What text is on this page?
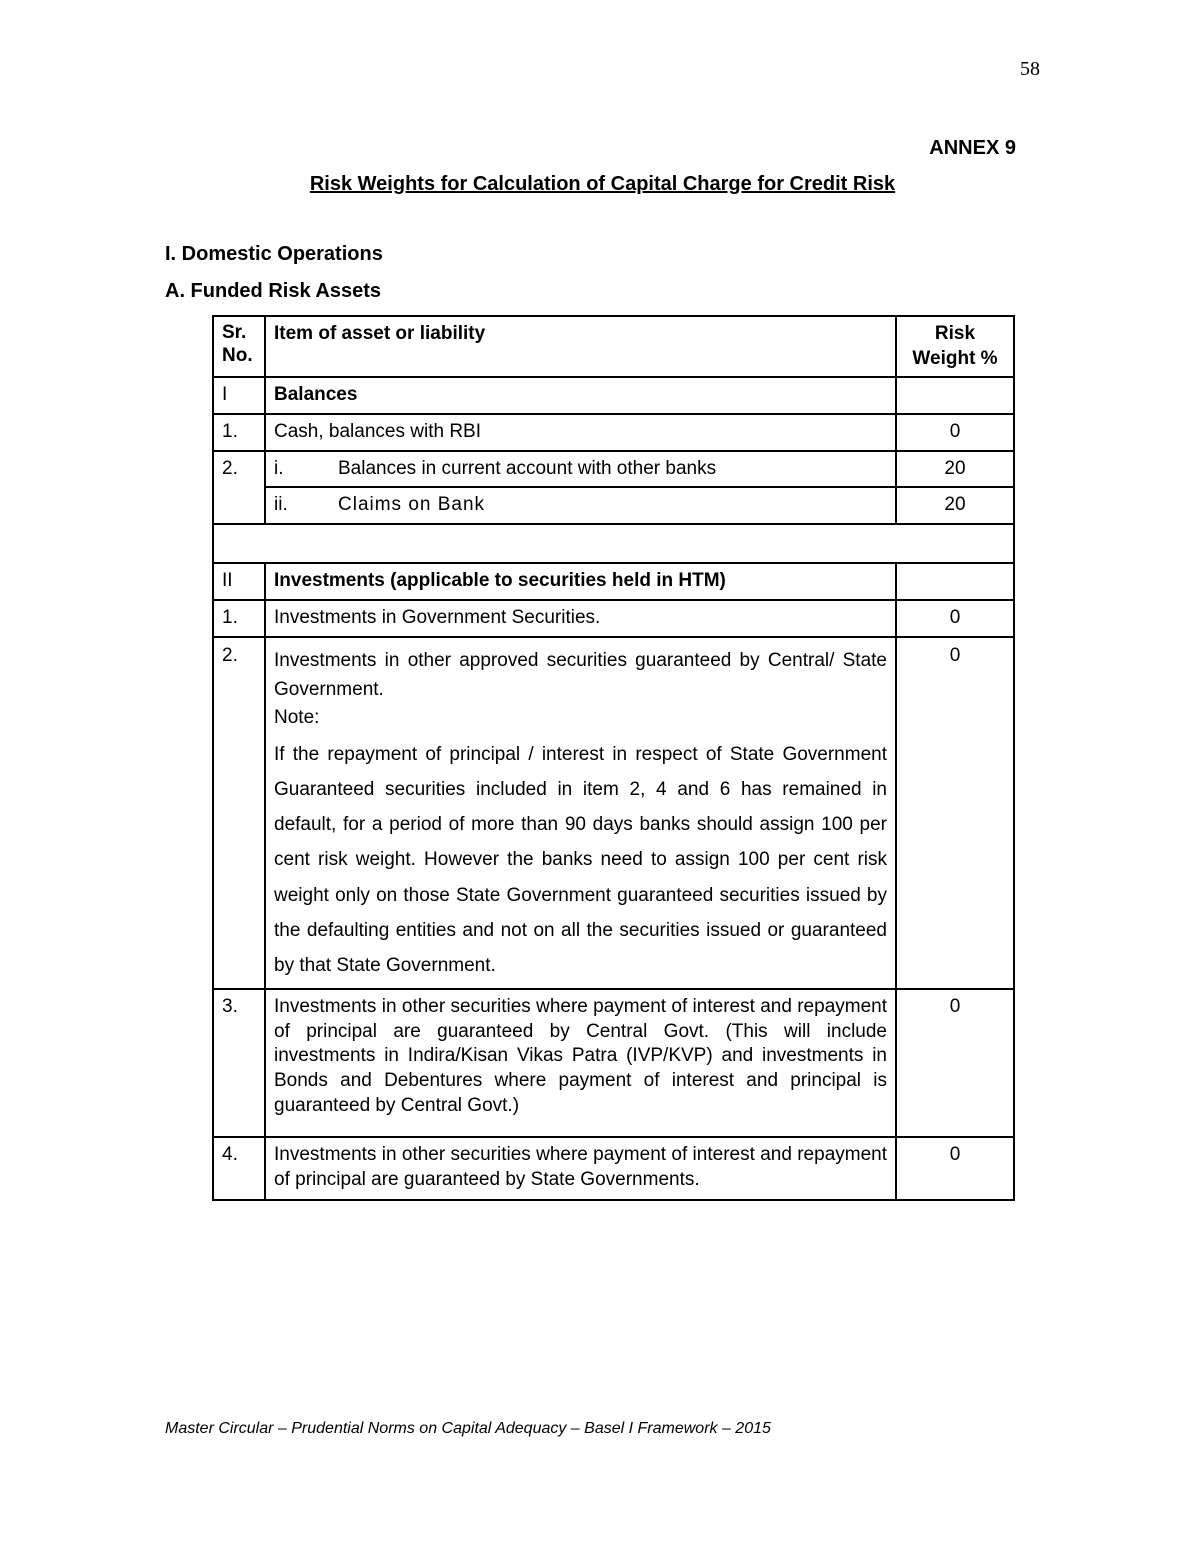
58
ANNEX 9
Risk Weights for Calculation of Capital Charge for Credit Risk
I. Domestic Operations
A. Funded Risk Assets
Sr. No.	Item of asset or liability	Risk Weight %
I	Balances	
1.	Cash, balances with RBI	0
2.	i. Balances in current account with other banks	20

	ii. Claims on Bank	20

II	Investments (applicable to securities held in HTM)	
1.	Investments in Government Securities.	0
2.	Investments in other approved securities guaranteed by Central/ State Government.
Note:
If the repayment of principal / interest in respect of State Government Guaranteed securities included in item 2, 4 and 6 has remained in default, for a period of more than 90 days banks should assign 100 per cent risk weight. However the banks need to assign 100 per cent risk weight only on those State Government guaranteed securities issued by the defaulting entities and not on all the securities issued or guaranteed by that State Government.	0
3.	Investments in other securities where payment of interest and repayment of principal are guaranteed by Central Govt. (This will include investments in Indira/Kisan Vikas Patra (IVP/KVP) and investments in Bonds and Debentures where payment of interest and principal is guaranteed by Central Govt.)	0
4.	Investments in other securities where payment of interest and repayment of principal are guaranteed by State Governments.	0
Master Circular – Prudential Norms on Capital Adequacy – Basel I Framework – 2015
